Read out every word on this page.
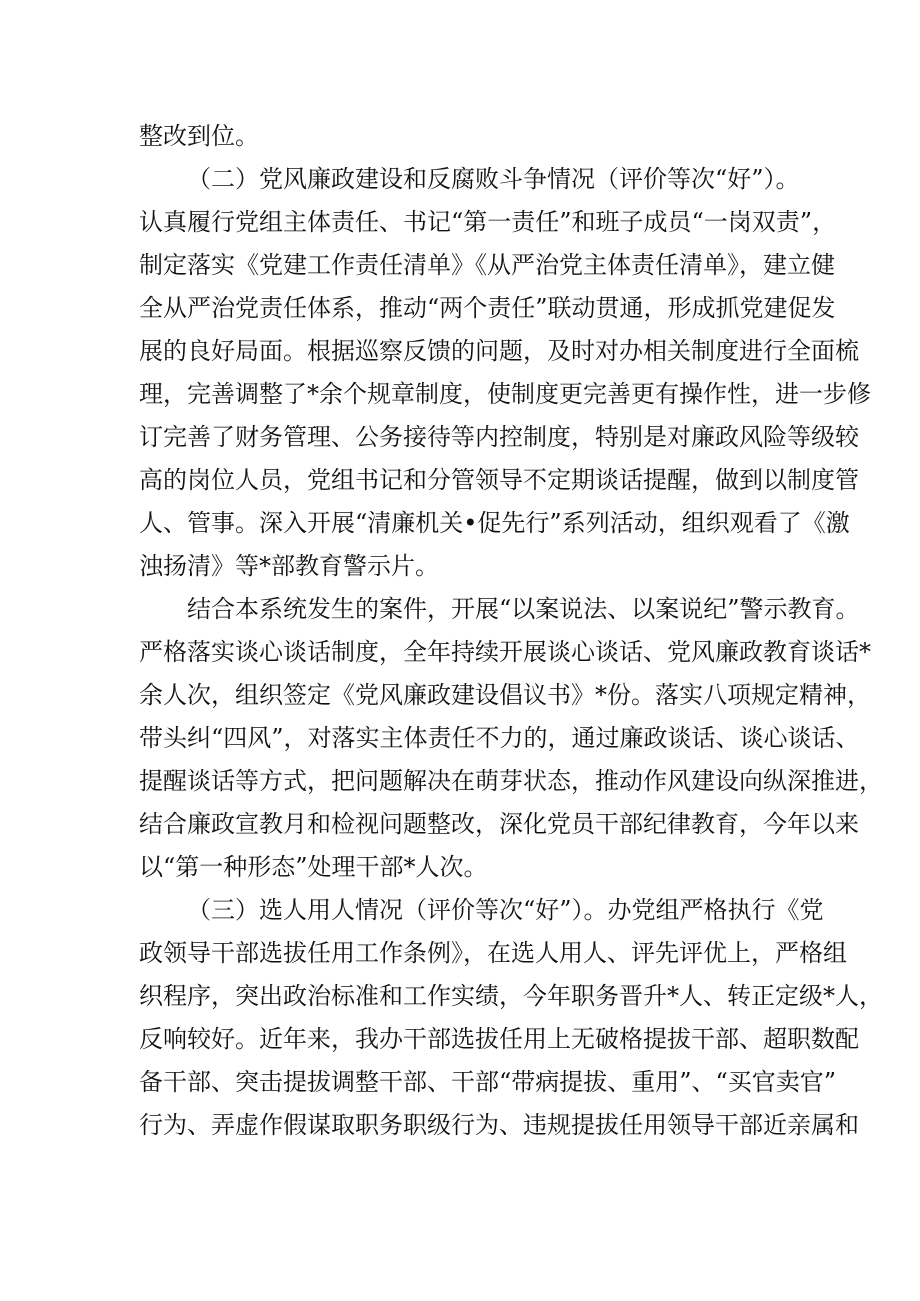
整改到位。

（二）党风廉政建设和反腐败斗争情况（评价等次“好”）。

认真履行党组主体责任、书记“第一责任”和班子成员“一岗双责”，

制定落实《党建工作责任清单》《从严治党主体责任清单》，建立健

全从严治党责任体系，推动“两个责任”联动贯通，形成抓党建促发

展的良好局面。根据巡察反馈的问题，及时对办相关制度进行全面梳

理，完善调整了*余个规章制度，使制度更完善更有操作性，进一步修

订完善了财务管理、公务接待等内控制度，特别是对廉政风险等级较

高的岗位人员，党组书记和分管领导不定期谈话提醒，做到以制度管

人、管事。深入开展“清廉机关•促先行”系列活动，组织观看了《激

浊扬清》等*部教育警示片。

结合本系统发生的案件，开展“以案说法、以案说纪”警示教育。

严格落实谈心谈话制度，全年持续开展谈心谈话、党风廉政教育谈话*

余人次，组织签定《党风廉政建设倡议书》*份。落实八项规定精神，

带头纠“四风”，对落实主体责任不力的，通过廉政谈话、谈心谈话、

提醒谈话等方式，把问题解决在萌芽状态，推动作风建设向纵深推进，

结合廉政宣教月和检视问题整改，深化党员干部纪律教育，今年以来

以“第一种形态”处理干部*人次。

（三）选人用人情况（评价等次“好”）。办党组严格执行《党

政领导干部选拔任用工作条例》，在选人用人、评先评优上，严格组

织程序，突出政治标准和工作实绩，今年职务晋升*人、转正定级*人，

反响较好。近年来，我办干部选拔任用上无破格提拔干部、超职数配

备干部、突击提拔调整干部、干部“带病提拔、重用”、“买官卖官”

行为、弄虚作假谋取职务职级行为、违规提拔任用领导干部近亲属和
